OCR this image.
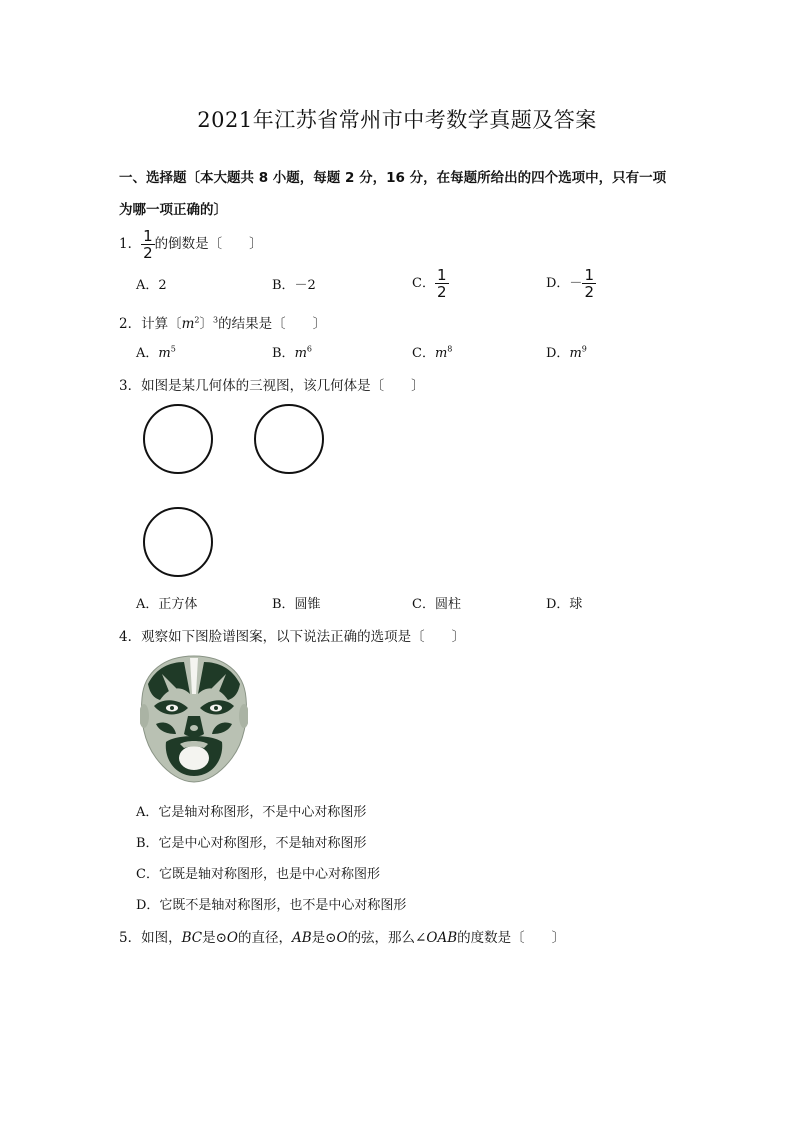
2021年江苏省常州市中考数学真题及答案
一、选择题〔本大题共 8 小题，每题 2 分，16 分，在每题所给出的四个选项中，只有一项
为哪一项正确的〕
1． $\frac{1}{2}$ 的倒数是〔　　〕
A．2	B．－2	C． $\frac{1}{2}$	D．－ $\frac{1}{2}$
2．计算〔$m^2$〕$^3$的结果是〔　　〕
A．$m^5$	B．$m^6$	C．$m^8$	D．$m^9$
3．如图是某几何体的三视图，该几何体是〔　　〕
A．正方体	B．圆锥	C．圆柱	D．球
4．观察如下图脸谱图案，以下说法正确的选项是〔　　〕
A．它是轴对称图形，不是中心对称图形
B．它是中心对称图形，不是轴对称图形
C．它既是轴对称图形，也是中心对称图形
D．它既不是轴对称图形，也不是中心对称图形
5．如图，BC是⊙O的直径，AB是⊙O的弦，那么∠OAB的度数是〔　　〕
